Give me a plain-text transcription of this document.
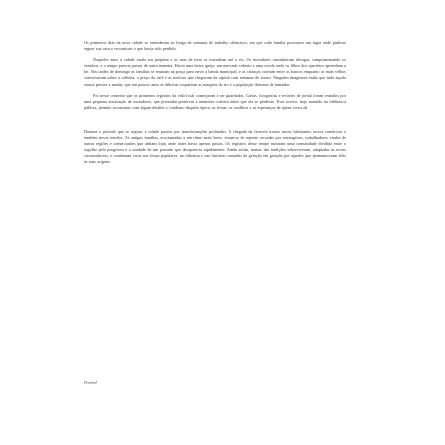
Os primeiros dias da nova cidade se estenderam ao longo de semanas de trabalho silencioso, em que cada família procurava um lugar onde pudesse erguer sua casa e reconstruir o que havia sido perdido.

Naqueles anos a cidade ainda era pequena e as ruas de terra se estendiam até o rio. Os moradores caminhavam devagar, cumprimentando os vizinhos, e o tempo parecia passar de outra maneira. Havia uma única igreja, um mercado coberto e uma escola onde os filhos dos operários aprendiam a ler. Nas tardes de domingo as famílias se reuniam na praça para ouvir a banda municipal, e as crianças corriam entre os bancos enquanto os mais velhos conversavam sobre a colheita, o preço do café e as notícias que chegavam da capital com semanas de atraso. Ninguém imaginava então que tudo aquilo estava prestes a mudar, que em poucos anos as fábricas ocupariam as margens do rio e a população dobraria de tamanho.

Foi nesse contexto que os primeiros registros da vida local começaram a ser guardados. Cartas, fotografias e recortes de jornal foram reunidos por uma pequena associação de moradores, que pretendia preservar a memória coletiva antes que ela se perdesse. Esse acervo, hoje mantido na biblioteca pública, permite reconstruir com algum detalhe o cotidiano daquela época, as festas, os conflitos e as esperanças de quem viveu ali.

Durante o período que se seguiu, a cidade passou por transformações profundas. A chegada da ferrovia trouxe novos habitantes, novos comércios e também novas tensões. As antigas famílias, acostumadas a um ritmo mais lento, viram-se de repente cercadas por estrangeiros, trabalhadores vindos de outras regiões e comerciantes que abriam lojas onde antes havia apenas pastos. Os registros desse tempo mostram uma comunidade dividida entre o orgulho pelo progresso e a saudade de um passado que desaparecia rapidamente. Ainda assim, muitas das tradições sobreviveram, adaptadas às novas circunstâncias, e continuam vivas nas festas populares, na culinária e nas histórias contadas de geração em geração por aqueles que permaneceram fiéis às suas origens.

Porém!
